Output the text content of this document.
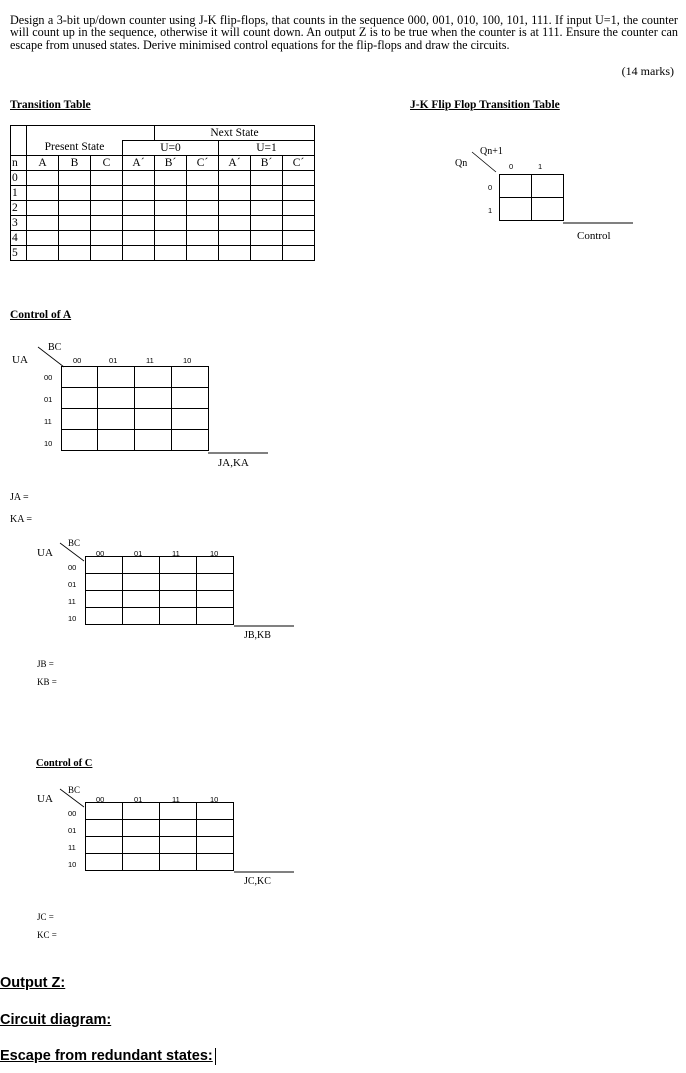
Design a 3-bit up/down counter using J-K flip-flops, that counts in the sequence 000, 001, 010, 100, 101, 111. If input U=1, the counter will count up in the sequence, otherwise it will count down. An output Z is to be true when the counter is at 111. Ensure the counter can escape from unused states. Derive minimised control equations for the flip-flops and draw the circuits.
(14 marks)
Transition Table
					Next State				
	Present State			U=0			U=1		
n	A	B	C	A´	B´	C´	A´	B´	C´
0									
1									
2									
3									
4									
5									
J-K Flip Flop Transition Table
Qn+1
Qn	0	1
0
1

Control
Control of A
BC
UA	00	01	11	10
00
01
11
10

JA,KA
JA =
KA =
BC
UA	00	01	11	10
00
01
11
10

JB,KB
JB =
KB =
Control of C
BC
UA	00	01	11	10
00
01
11
10

JC,KC
JC =
KC =
Output Z:
Circuit diagram:
Escape from redundant states:
